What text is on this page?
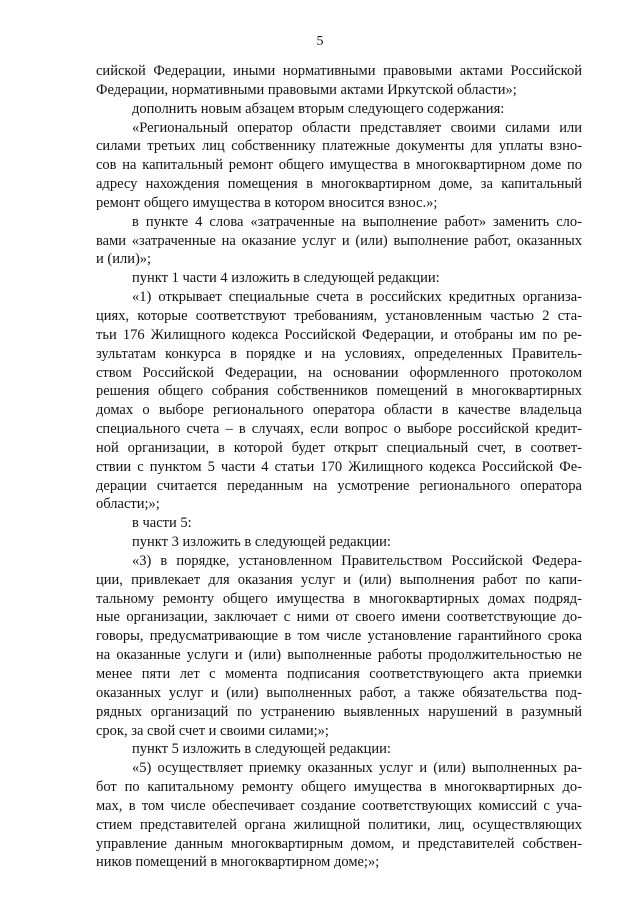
5
сийской Федерации, иными нормативными правовыми актами Российской
Федерации, нормативными правовыми актами Иркутской области»;
дополнить новым абзацем вторым следующего содержания:
«Региональный оператор области представляет своими силами или
силами третьих лиц собственнику платежные документы для уплаты взно-
сов на капитальный ремонт общего имущества в многоквартирном доме по
адресу нахождения помещения в многоквартирном доме, за капитальный
ремонт общего имущества в котором вносится взнос.»;
в пункте 4 слова «затраченные на выполнение работ» заменить сло-
вами «затраченные на оказание услуг и (или) выполнение работ, оказанных
и (или)»;
пункт 1 части 4 изложить в следующей редакции:
«1) открывает специальные счета в российских кредитных организа-
циях, которые соответствуют требованиям, установленным частью 2 ста-
тьи 176 Жилищного кодекса Российской Федерации, и отобраны им по ре-
зультатам конкурса в порядке и на условиях, определенных Правитель-
ством Российской Федерации, на основании оформленного протоколом
решения общего собрания собственников помещений в многоквартирных
домах о выборе регионального оператора области в качестве владельца
специального счета – в случаях, если вопрос о выборе российской кредит-
ной организации, в которой будет открыт специальный счет, в соответ-
ствии с пунктом 5 части 4 статьи 170 Жилищного кодекса Российской Фе-
дерации считается переданным на усмотрение регионального оператора
области;»;
в части 5:
пункт 3 изложить в следующей редакции:
«3) в порядке, установленном Правительством Российской Федера-
ции, привлекает для оказания услуг и (или) выполнения работ по капи-
тальному ремонту общего имущества в многоквартирных домах подряд-
ные организации, заключает с ними от своего имени соответствующие до-
говоры, предусматривающие в том числе установление гарантийного срока
на оказанные услуги и (или) выполненные работы продолжительностью не
менее пяти лет с момента подписания соответствующего акта приемки
оказанных услуг и (или) выполненных работ, а также обязательства под-
рядных организаций по устранению выявленных нарушений в разумный
срок, за свой счет и своими силами;»;
пункт 5 изложить в следующей редакции:
«5) осуществляет приемку оказанных услуг и (или) выполненных ра-
бот по капитальному ремонту общего имущества в многоквартирных до-
мах, в том числе обеспечивает создание соответствующих комиссий с уча-
стием представителей органа жилищной политики, лиц, осуществляющих
управление данным многоквартирным домом, и представителей собствен-
ников помещений в многоквартирном доме;»;
